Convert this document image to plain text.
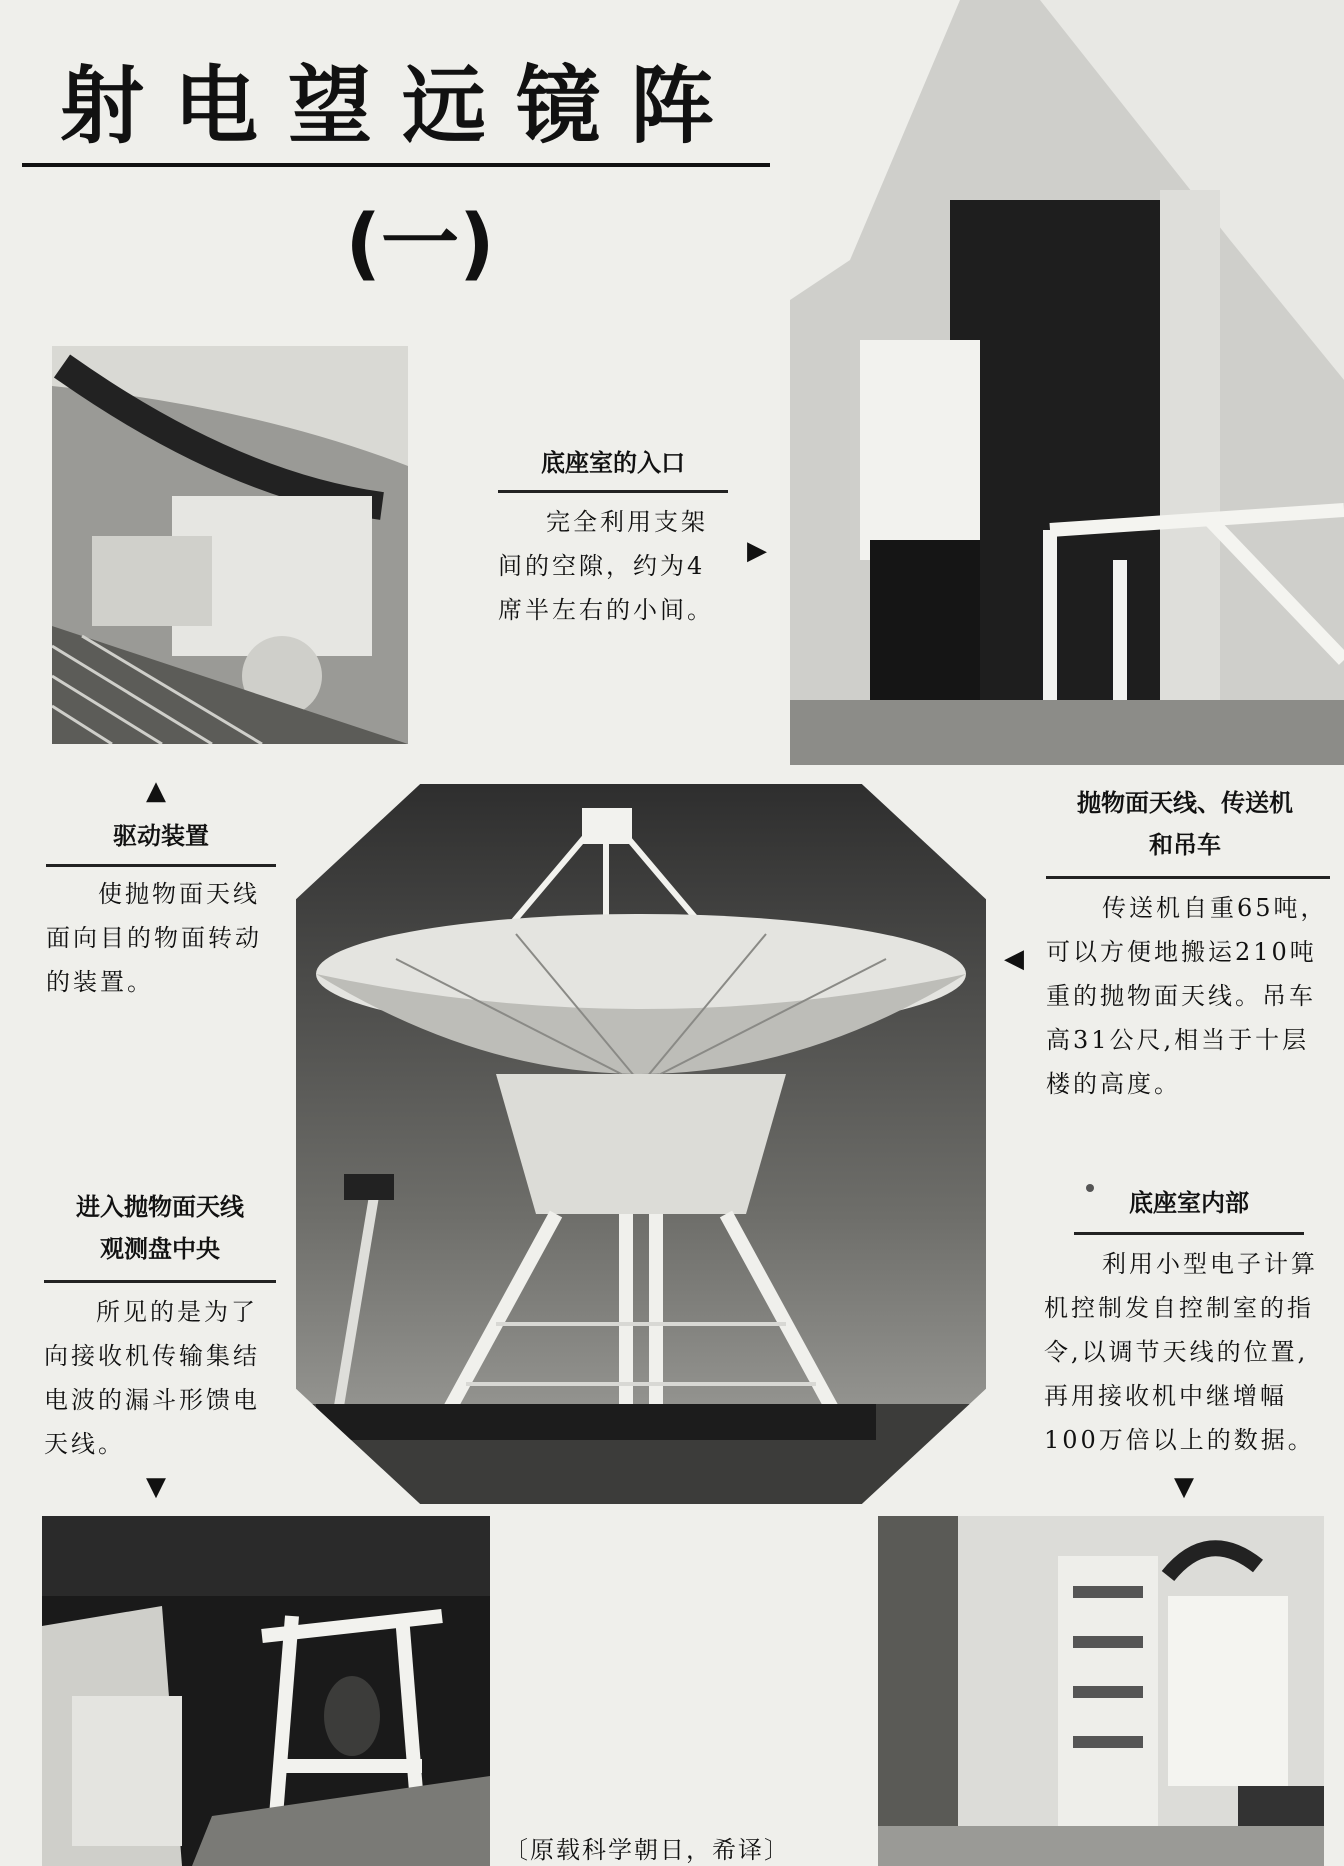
射电望远镜阵
(一)
底座室的入口
完全利用支架
间的空隙，约为4
席半左右的小间。
▶
▲
驱动装置
使抛物面天线
面向目的物面转动
的装置。
抛物面天线、传送机
和吊车
传送机自重65吨，
可以方便地搬运210吨
重的抛物面天线。吊车
高31公尺,相当于十层
楼的高度。
◀
进入抛物面天线
观测盘中央
所见的是为了
向接收机传输集结
电波的漏斗形馈电
天线。
▼
底座室内部
利用小型电子计算
机控制发自控制室的指
令,以调节天线的位置,
再用接收机中继增幅
100万倍以上的数据。
▼
〔原载科学朝日，希译〕
